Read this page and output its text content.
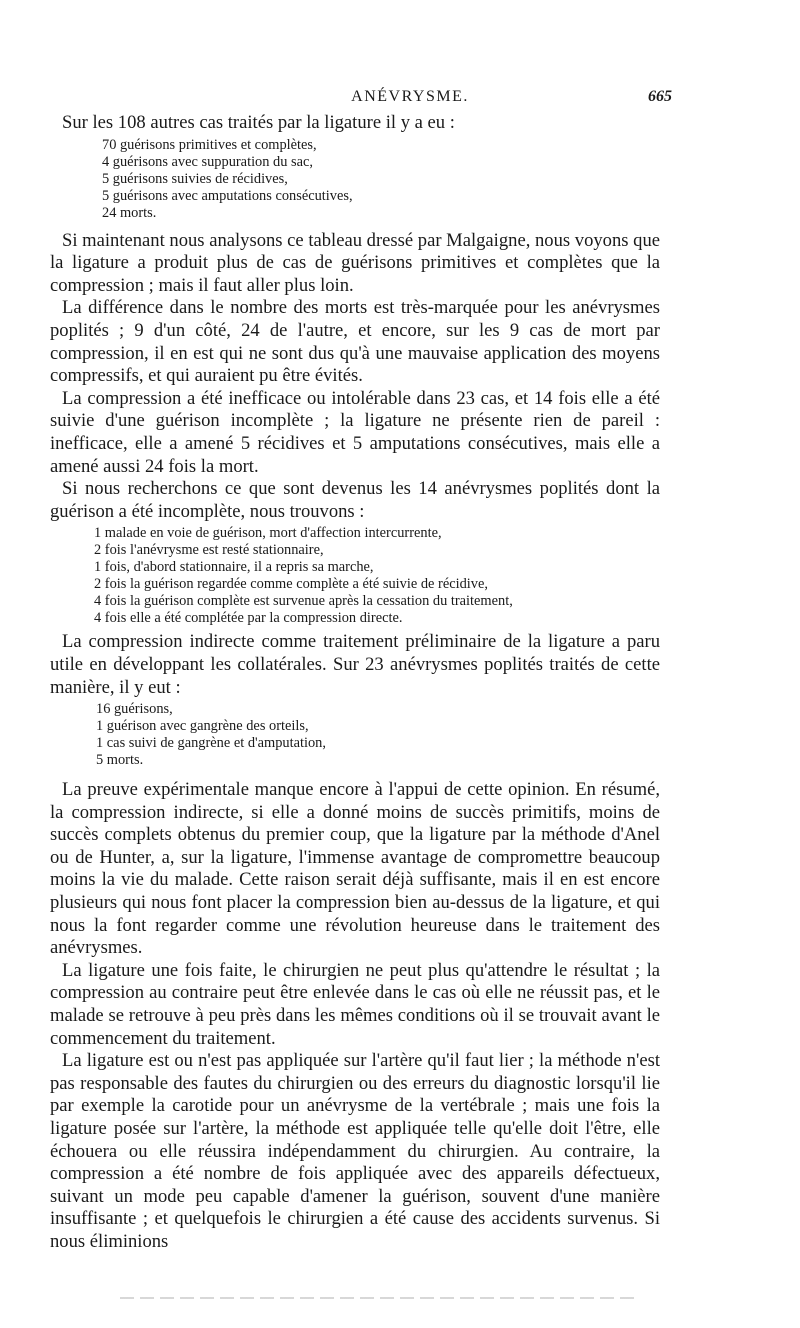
ANÉVRYSME.	665

Sur les 108 autres cas traités par la ligature il y a eu :

70 guérisons primitives et complètes,
4 guérisons avec suppuration du sac,
5 guérisons suivies de récidives,
5 guérisons avec amputations consécutives,
24 morts.

Si maintenant nous analysons ce tableau dressé par Malgaigne, nous voyons que la ligature a produit plus de cas de guérisons primitives et complètes que la compression ; mais il faut aller plus loin.

La différence dans le nombre des morts est très-marquée pour les anévrysmes poplités ; 9 d'un côté, 24 de l'autre, et encore, sur les 9 cas de mort par compression, il en est qui ne sont dus qu'à une mauvaise application des moyens compressifs, et qui auraient pu être évités.

La compression a été inefficace ou intolérable dans 23 cas, et 14 fois elle a été suivie d'une guérison incomplète ; la ligature ne présente rien de pareil : inefficace, elle a amené 5 récidives et 5 amputations consécutives, mais elle a amené aussi 24 fois la mort.

Si nous recherchons ce que sont devenus les 14 anévrysmes poplités dont la guérison a été incomplète, nous trouvons :

1 malade en voie de guérison, mort d'affection intercurrente,
2 fois l'anévrysme est resté stationnaire,
1 fois, d'abord stationnaire, il a repris sa marche,
2 fois la guérison regardée comme complète a été suivie de récidive,
4 fois la guérison complète est survenue après la cessation du traitement,
4 fois elle a été complétée par la compression directe.

La compression indirecte comme traitement préliminaire de la ligature a paru utile en développant les collatérales. Sur 23 anévrysmes poplités traités de cette manière, il y eut :

16 guérisons,
1 guérison avec gangrène des orteils,
1 cas suivi de gangrène et d'amputation,
5 morts.

La preuve expérimentale manque encore à l'appui de cette opinion. En résumé, la compression indirecte, si elle a donné moins de succès primitifs, moins de succès complets obtenus du premier coup, que la ligature par la méthode d'Anel ou de Hunter, a, sur la ligature, l'immense avantage de compromettre beaucoup moins la vie du malade. Cette raison serait déjà suffisante, mais il en est encore plusieurs qui nous font placer la compression bien au-dessus de la ligature, et qui nous la font regarder comme une révolution heureuse dans le traitement des anévrysmes.

La ligature une fois faite, le chirurgien ne peut plus qu'attendre le résultat ; la compression au contraire peut être enlevée dans le cas où elle ne réussit pas, et le malade se retrouve à peu près dans les mêmes conditions où il se trouvait avant le commencement du traitement.

La ligature est ou n'est pas appliquée sur l'artère qu'il faut lier ; la méthode n'est pas responsable des fautes du chirurgien ou des erreurs du diagnostic lorsqu'il lie par exemple la carotide pour un anévrysme de la vertébrale ; mais une fois la ligature posée sur l'artère, la méthode est appliquée telle qu'elle doit l'être, elle échouera ou elle réussira indépendamment du chirurgien. Au contraire, la compression a été nombre de fois appliquée avec des appareils défectueux, suivant un mode peu capable d'amener la guérison, souvent d'une manière insuffisante ; et quelquefois le chirurgien a été cause des accidents survenus. Si nous éliminions
